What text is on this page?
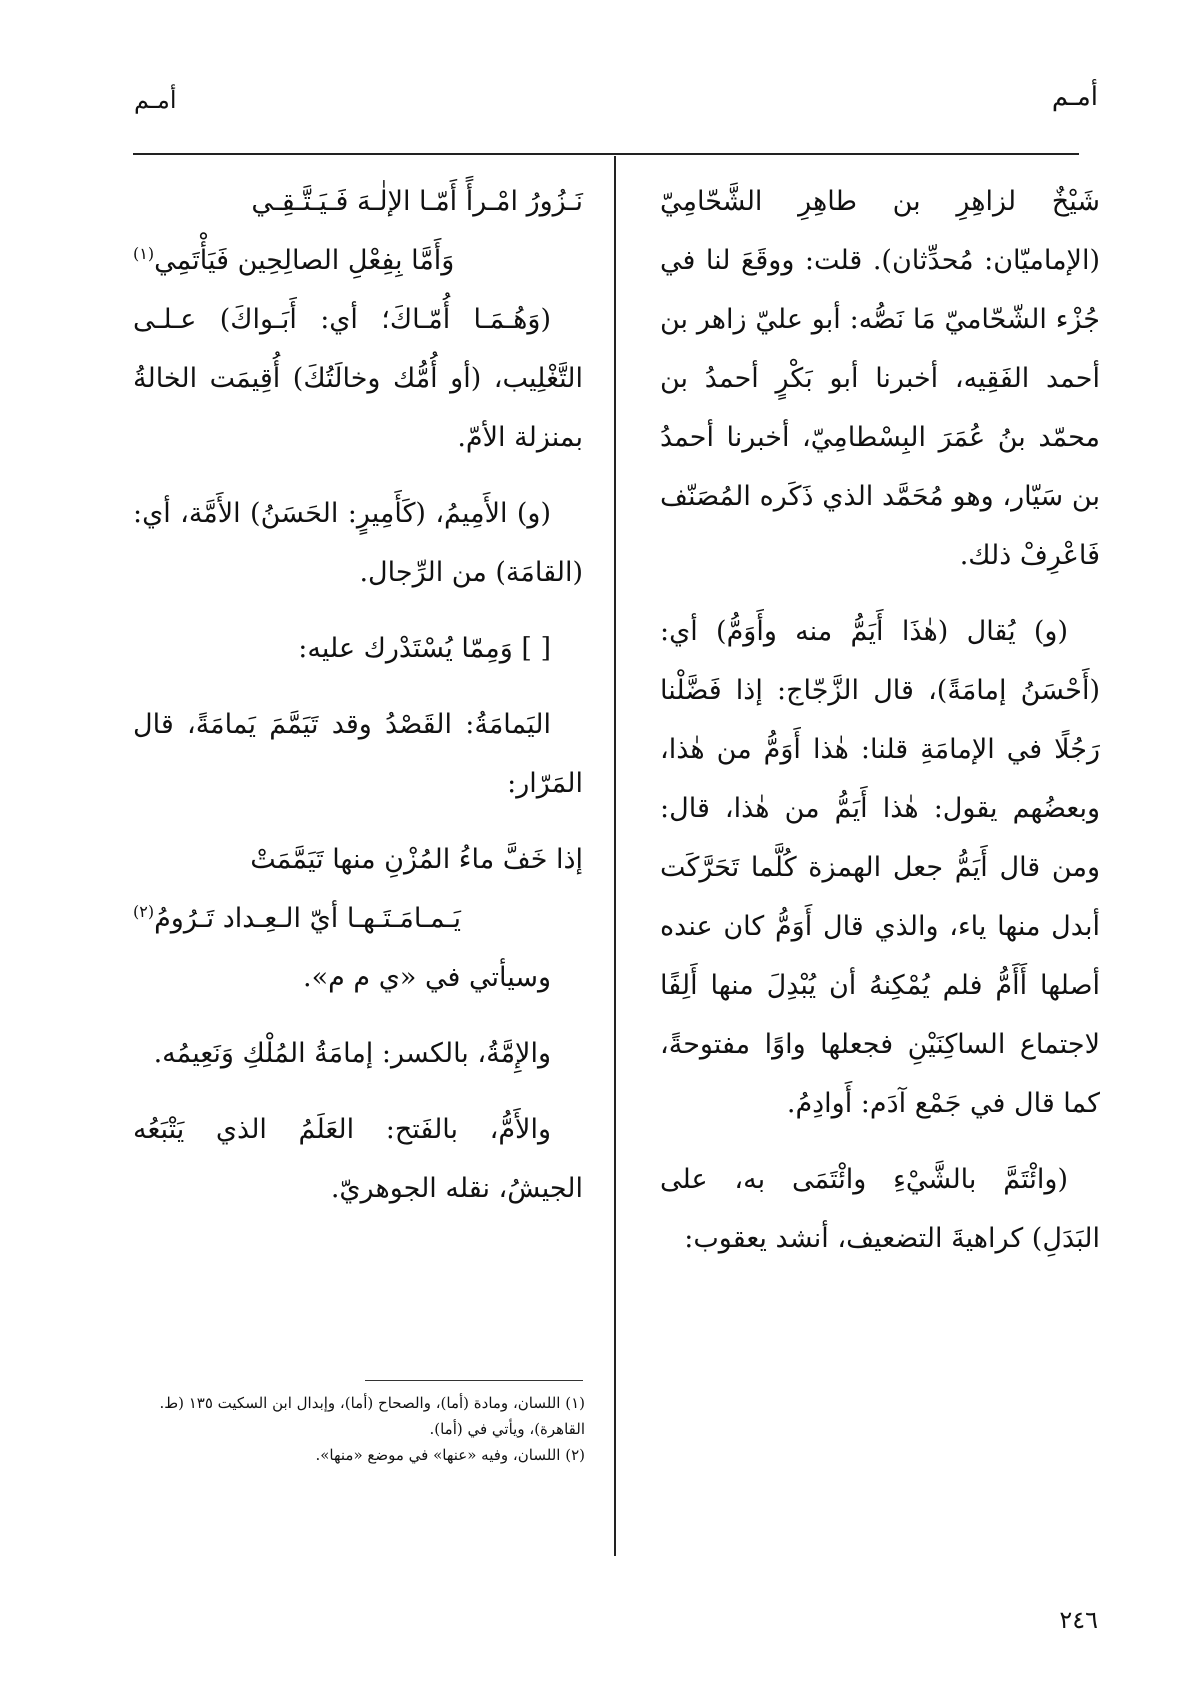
أمـم
أمـم

شَيْخٌ لزاهِرِ بن طاهِرِ الشَّحّامِيّ (الإماميّان: مُحدِّثان). قلت: ووقَعَ لنا في جُزْء الشّحّاميّ مَا نَصُّه: أبو عليّ زاهر بن أحمد الفَقِيه، أخبرنا أبو بَكْرٍ أحمدُ بن محمّد بنُ عُمَرَ البِسْطامِيّ، أخبرنا أحمدُ بن سَيّار، وهو مُحَمَّد الذي ذَكَره المُصَنّف فَاعْرِفْ ذلك.

(و) يُقال (هٰذَا أَيَمُّ منه وأَوَمُّ) أي: (أَحْسَنُ إمامَةً)، قال الزَّجّاج: إذا فَضَّلْنا رَجُلًا في الإمامَةِ قلنا: هٰذا أَوَمُّ من هٰذا، وبعضُهم يقول: هٰذا أَيَمُّ من هٰذا، قال: ومن قال أَيَمُّ جعل الهمزة كُلَّما تَحَرَّكَت أبدل منها ياء، والذي قال أَوَمُّ كان عنده أصلها أَأَمُّ فلم يُمْكِنهُ أن يُبْدِلَ منها أَلِفًا لاجتماع الساكِنَيْنِ فجعلها واوًا مفتوحةً، كما قال في جَمْع آدَم: أَوادِمُ.

(وائْتَمَّ بالشَّيْءِ وائْتَمَى به، على البَدَلِ) كراهيةَ التضعيف، أنشد يعقوب:

نَـزُورُ امْـرأً أَمّـا الإلٰـهَ فَـيَـتَّـقِـي
وَأَمَّا بِفِعْلِ الصالِحِين فَيَأْتَمِي$^{(١)}$

(وَهُـمَـا أُمّـاكَ؛ أي: أَبَـواكَ) عـلـى التَّغْلِيب، (أو أُمُّك وخالَتُكَ) أُقِيمَت الخالةُ بمنزلة الأمّ.

(و) الأَمِيمُ، (كَأَمِيرٍ: الحَسَنُ) الأَمَّة، أي: (القامَة) من الرِّجال.

[ ] وَمِمّا يُسْتَدْرك عليه:

اليَمامَةُ: القَصْدُ وقد تَيَمَّمَ يَمامَةً، قال المَرّار:

إذا خَفَّ ماءُ المُزْنِ منها تَيَمَّمَتْ
يَـمـامَـتَـهـا أيّ الـعِـداد تَـرُومُ$^{(٢)}$

وسيأتي في «ي م م».

والإِمَّةُ، بالكسر: إمامَةُ المُلْكِ وَنَعِيمُه.

والأَمُّ، بالفَتح: العَلَمُ الذي يَتْبَعُه الجيشُ، نقله الجوهريّ.

(١) اللسان، ومادة (أما)، والصحاح (أما)، وإبدال ابن السكيت ١٣٥ (ط. القاهرة)، ويأتي في (أما).

(٢) اللسان، وفيه «عنها» في موضع «منها».

٢٤٦
